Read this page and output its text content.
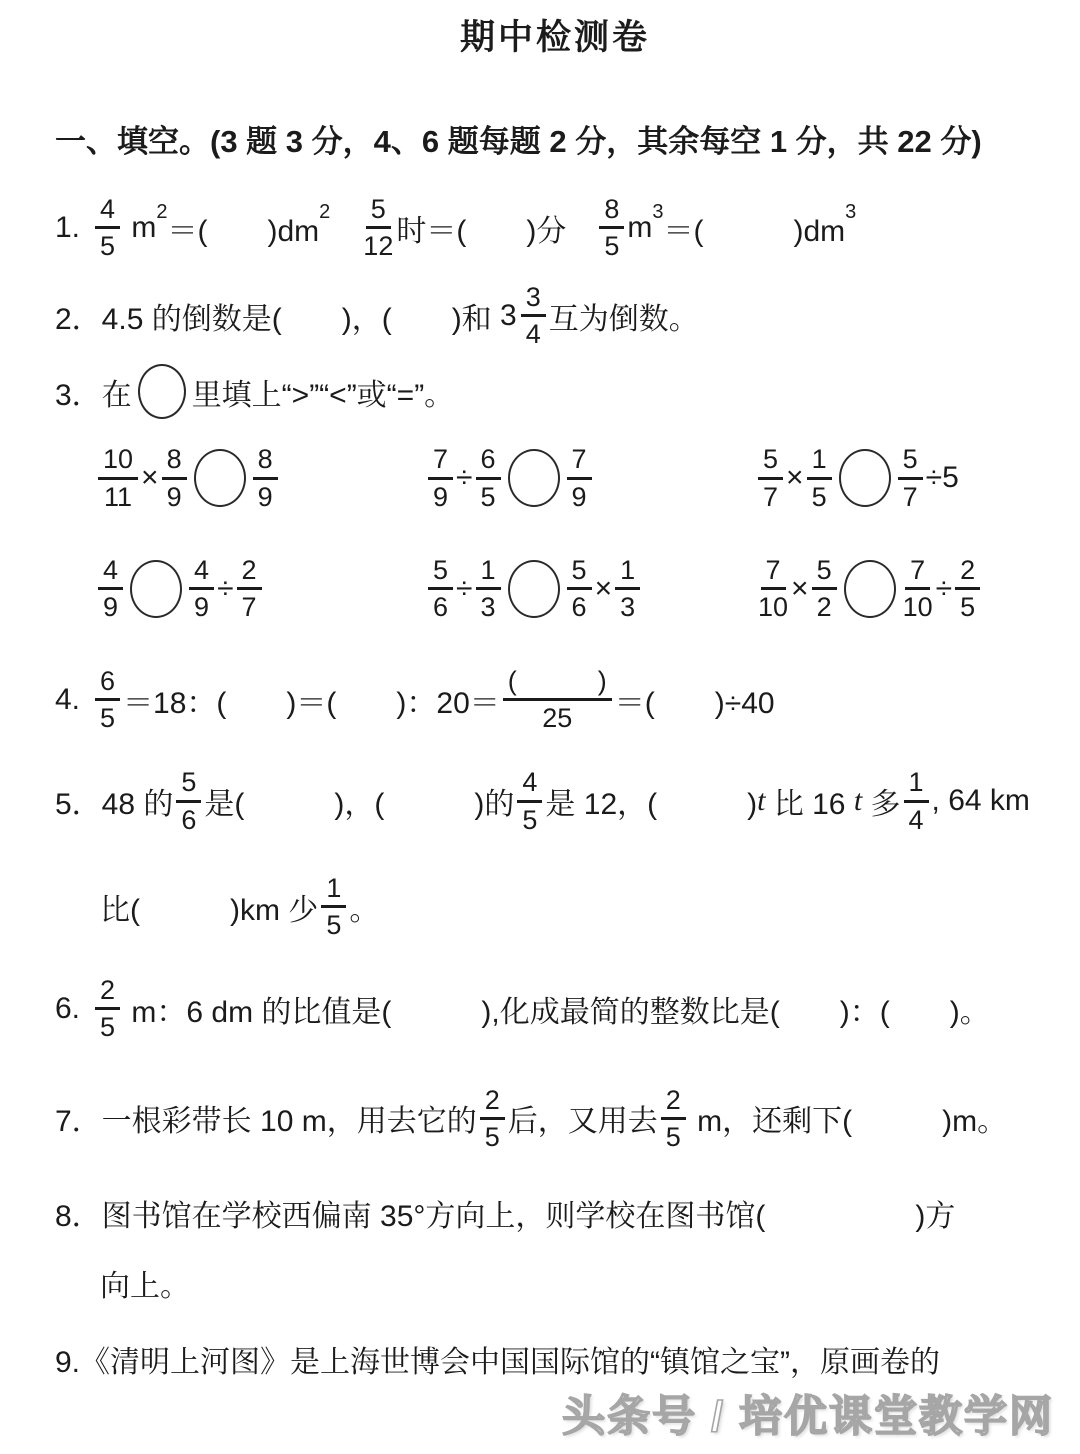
期中检测卷
一、填空。(3 题 3 分，4、6 题每题 2 分，其余每空 1 分，共 22 分)
1. $\frac{4}{5}$ m 2
＝(　　)dm
$2 \frac{5}{12}$ 时＝(　　)分 $\frac{8}{5}$ m 3
＝(　　　)dm
3
2．4.5 的倒数是(　　)，(　　)和 $3 \frac{3}{4}$ 互为倒数。
3．在 里填上“>”“<”或“=”。
$\frac{10}{11} \times \frac{8}{9} \frac{8}{9}$	$\frac{7}{9} \div \frac{6}{5} \frac{7}{9}$	$\frac{5}{7} \times \frac{1}{5} \frac{5}{7} \div 5$
$\frac{4}{9} \frac{4}{9} \div \frac{2}{7}$	$\frac{5}{6} \div \frac{1}{3} \frac{5}{6} \times \frac{1}{3}$	$\frac{7}{10} \times \frac{5}{2} \frac{7}{10} \div \frac{2}{5}$
4. $\frac{6}{5} =18$：(　　)＝(　　)：$20= \frac{( )}{25}$ ＝(　　)÷40
5．48 的 $\frac{5}{6}$ 是(　　　)，(　　　)的 $\frac{4}{5}$ 是 12，(　　　) t 比 16 t 多 $\frac{1}{4}$ , 64 km
比(　　　)km 少 $\frac{1}{5}$ 。
6. $\frac{2}{5}$ m：6 dm 的比值是(　　　),化成最简的整数比是(　　)：(　　)。
7．一根彩带长 10 m，用去它的 $\frac{2}{5}$ 后，又用去 $\frac{2}{5}$ m，还剩下(　　　)m。
8．图书馆在学校西偏南 35°方向上，则学校在图书馆(　　　　　)方
向上。
9.《清明上河图》是上海世博会中国国际馆的“镇馆之宝”，原画卷的
头条号 / 培优课堂教学网
